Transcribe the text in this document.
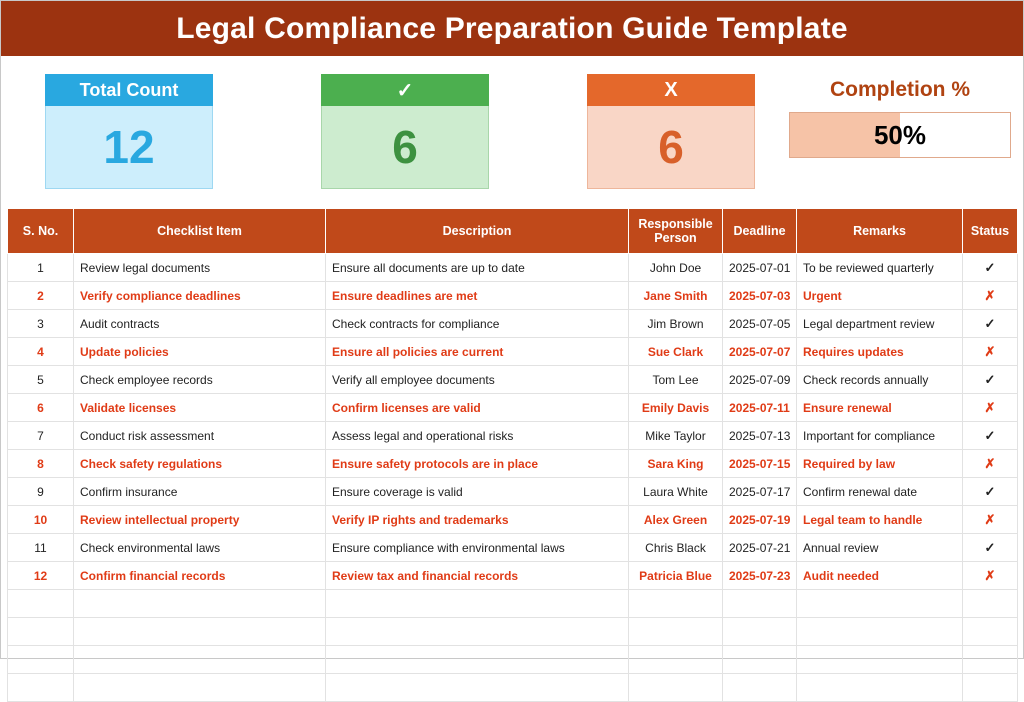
Legal Compliance Preparation Guide Template
Total Count
12
✓
6
X
6
Completion %
50%
S. No.	Checklist Item	Description	Responsible Person	Deadline	Remarks	Status
1	Review legal documents	Ensure all documents are up to date	John Doe	2025-07-01	To be reviewed quarterly	✓
2	Verify compliance deadlines	Ensure deadlines are met	Jane Smith	2025-07-03	Urgent	✗
3	Audit contracts	Check contracts for compliance	Jim Brown	2025-07-05	Legal department review	✓
4	Update policies	Ensure all policies are current	Sue Clark	2025-07-07	Requires updates	✗
5	Check employee records	Verify all employee documents	Tom Lee	2025-07-09	Check records annually	✓
6	Validate licenses	Confirm licenses are valid	Emily Davis	2025-07-11	Ensure renewal	✗
7	Conduct risk assessment	Assess legal and operational risks	Mike Taylor	2025-07-13	Important for compliance	✓
8	Check safety regulations	Ensure safety protocols are in place	Sara King	2025-07-15	Required by law	✗
9	Confirm insurance	Ensure coverage is valid	Laura White	2025-07-17	Confirm renewal date	✓
10	Review intellectual property	Verify IP rights and trademarks	Alex Green	2025-07-19	Legal team to handle	✗
11	Check environmental laws	Ensure compliance with environmental laws	Chris Black	2025-07-21	Annual review	✓
12	Confirm financial records	Review tax and financial records	Patricia Blue	2025-07-23	Audit needed	✗
